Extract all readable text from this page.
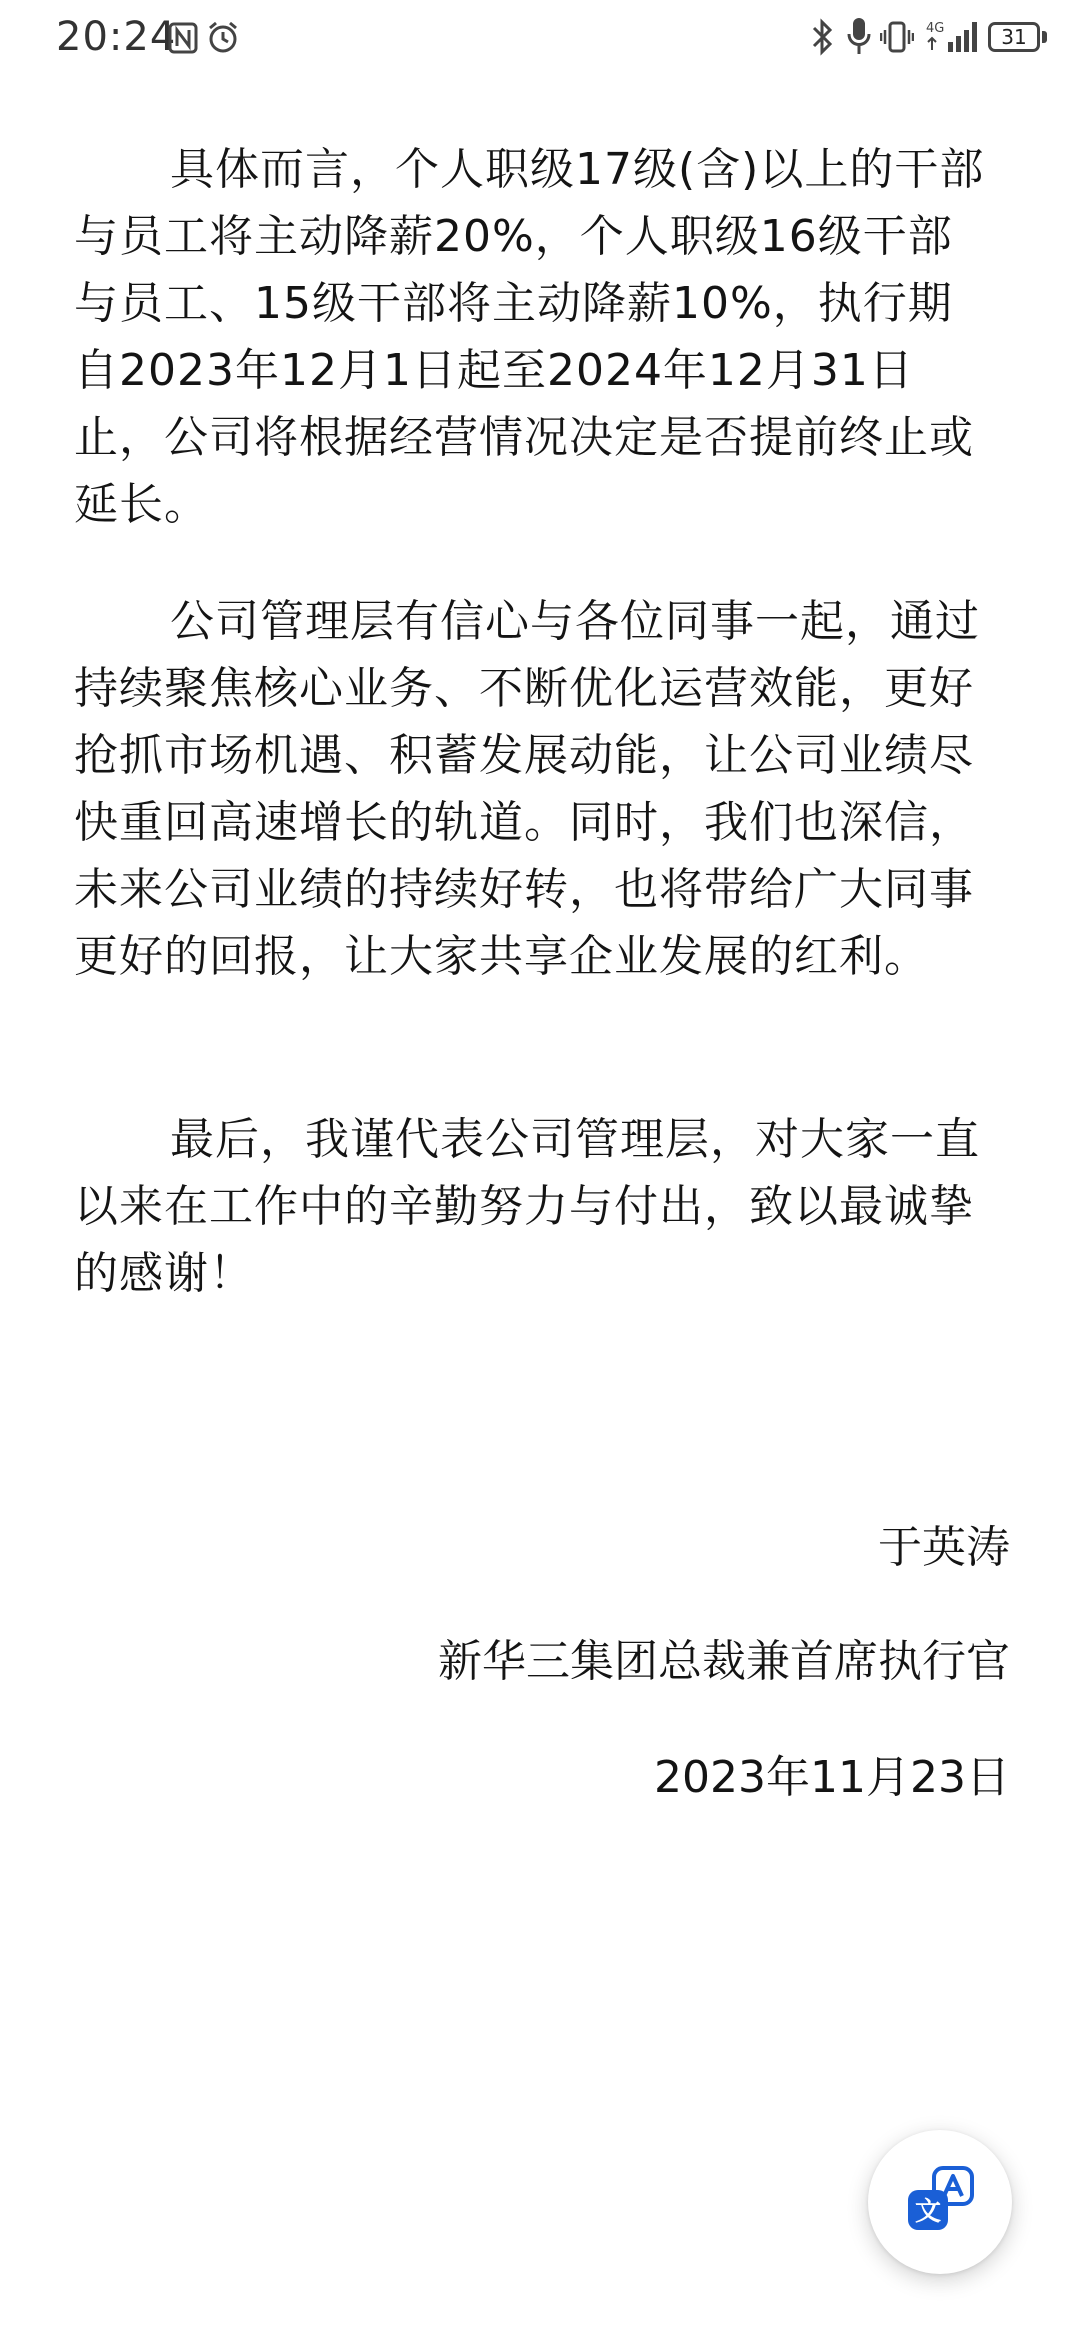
20:24	4G	31

具体而言，个人职级17级(含)以上的干部与员工将主动降薪20%，个人职级16级干部与员工、15级干部将主动降薪10%，执行期自2023年12月1日起至2024年12月31日止，公司将根据经营情况决定是否提前终止或延长。

公司管理层有信心与各位同事一起，通过持续聚焦核心业务、不断优化运营效能，更好抢抓市场机遇、积蓄发展动能，让公司业绩尽快重回高速增长的轨道。同时，我们也深信，未来公司业绩的持续好转，也将带给广大同事更好的回报，让大家共享企业发展的红利。

最后，我谨代表公司管理层，对大家一直以来在工作中的辛勤努力与付出，致以最诚挚的感谢！

于英涛

新华三集团总裁兼首席执行官

2023年11月23日

文
